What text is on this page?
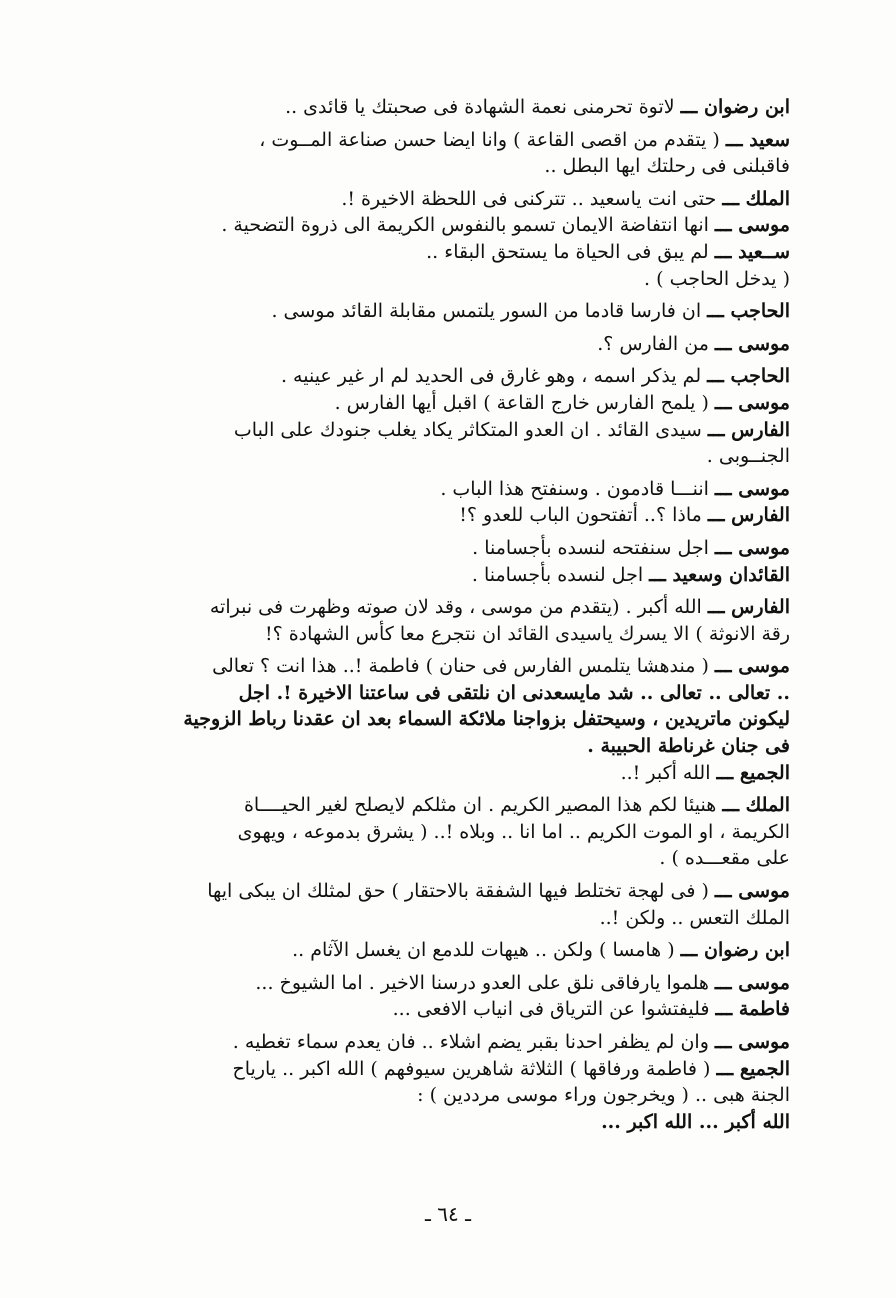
ابن رضوان ـــ لاتوة تحرمنى نعمة الشهادة فى صحبتك يا قائدى ..
سعيد ـــ ( يتقدم من اقصى القاعة ) وانا ايضا حسن صناعة المــوت ،
فاقبلنى فى رحلتك ايها البطل ..
الملك ـــ حتى انت ياسعيد .. تتركنى فى اللحظة الاخيرة !.
موسى ـــ انها انتفاضة الايمان تسمو بالنفوس الكريمة الى ذروة التضحية .
ســعيد ـــ لم يبق فى الحياة ما يستحق البقاء ..
( يدخل الحاجب ) .
الحاجب ـــ ان فارسا قادما من السور يلتمس مقابلة القائد موسى .
موسى ـــ من الفارس ؟.
الحاجب ـــ لم يذكر اسمه ، وهو غارق فى الحديد لم ار غير عينيه .
موسى ـــ ( يلمح الفارس خارج القاعة ) اقبل أيها الفارس .
الفارس ـــ سيدى القائد . ان العدو المتكاثر يكاد يغلب جنودك على الباب
الجنــوبى .
موسى ـــ اننـــا قادمون . وسنفتح هذا الباب .
الفارس ـــ ماذا ؟.. أتفتحون الباب للعدو ؟!
موسى ـــ اجل سنفتحه لنسده بأجسامنا .
القائدان وسعيد ـــ اجل لنسده بأجسامنا .
الفارس ـــ الله أكبر . (يتقدم من موسى ، وقد لان صوته وظهرت فى نبراته
رقة الانوثة ) الا يسرك ياسيدى القائد ان نتجرع معا كأس الشهادة ؟!
موسى ـــ ( مندهشا يتلمس الفارس فى حنان ) فاطمة !.. هذا انت ؟ تعالى
.. تعالى .. تعالى .. شد مايسعدنى ان نلتقى فى ساعتنا الاخيرة !. اجل
ليكونن ماتريدين ، وسيحتفل بزواجنا ملائكة السماء بعد ان عقدنا رباط الزوجية
فى جنان غرناطة الحبيبة .
الجميع ـــ الله أكبر !..
الملك ـــ هنيئا لكم هذا المصير الكريم . ان مثلكم لايصلح لغير الحيــــاة
الكريمة ، او الموت الكريم .. اما انا .. وبلاه !.. ( يشرق بدموعه ، ويهوى
على مقعـــده ) .
موسى ـــ ( فى لهجة تختلط فيها الشفقة بالاحتقار ) حق لمثلك ان يبكى ايها
الملك التعس .. ولكن !..
ابن رضوان ـــ ( هامسا ) ولكن .. هيهات للدمع ان يغسل الآثام ..
موسى ـــ هلموا يارفاقى نلق على العدو درسنا الاخير . اما الشيوخ ...
فاطمة ـــ فليفتشوا عن الترياق فى انياب الافعى ...
موسى ـــ وان لم يظفر احدنا بقبر يضم اشلاء .. فان يعدم سماء تغطيه .
الجميع ـــ ( فاطمة ورفاقها ) الثلاثة شاهرين سيوفهم ) الله اكبر .. يارياح
الجنة هبى .. ( ويخرجون وراء موسى مرددين ) :
الله أكبر ... الله اكبر ...
ـ ٦٤ ـ
